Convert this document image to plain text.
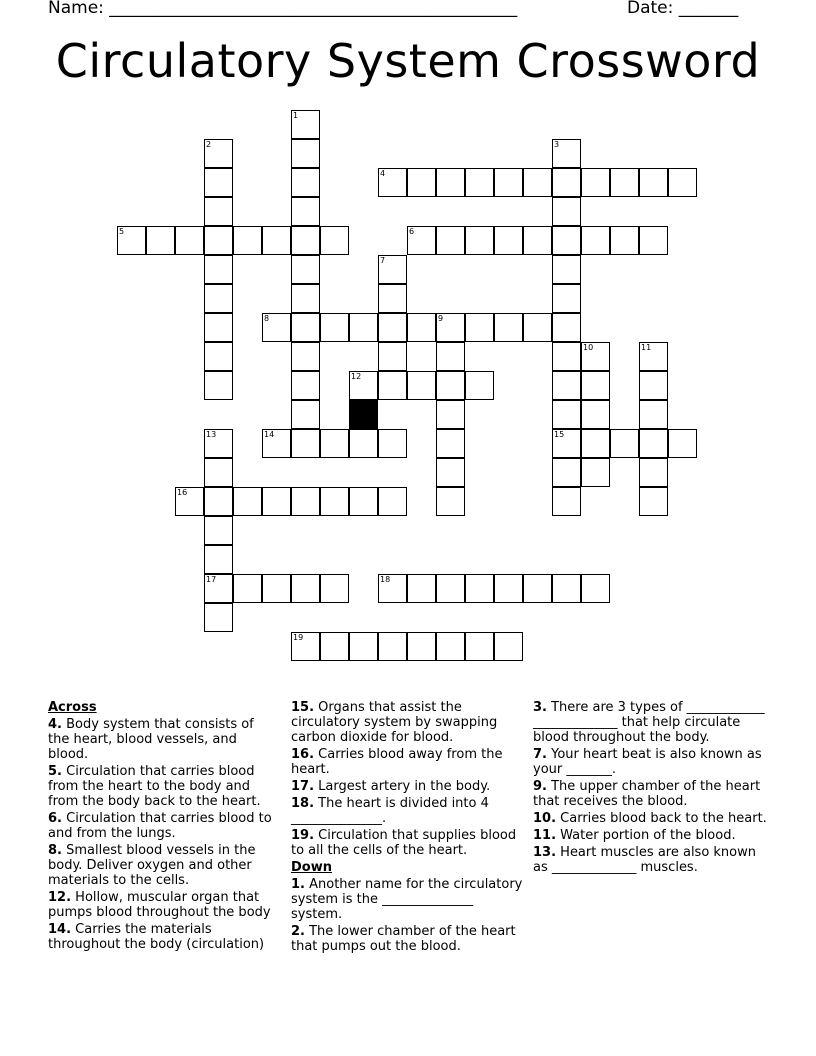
Name: ________________________________________________	Date: _______
Circulatory System Crossword
1
2	3
15
4
5	6
7
8	9
10	11
12
13
17
14
16
18
19
Across
4. Body system that consists of the heart, blood vessels, and blood.
5. Circulation that carries blood from the heart to the body and from the body back to the heart.
6. Circulation that carries blood to and from the lungs.
8. Smallest blood vessels in the body. Deliver oxygen and other materials to the cells.
12. Hollow, muscular organ that pumps blood throughout the body
14. Carries the materials throughout the body (circulation)
15. Organs that assist the circulatory system by swapping carbon dioxide for blood.
16. Carries blood away from the heart.
17. Largest artery in the body.
18. The heart is divided into 4 ______________.
19. Circulation that supplies blood to all the cells of the heart.
Down
1. Another name for the circulatory system is the ______________ system.
2. The lower chamber of the heart that pumps out the blood.
3. There are 3 types of ____________ _____________ that help circulate blood throughout the body.
7. Your heart beat is also known as your _______.
9. The upper chamber of the heart that receives the blood.
10. Carries blood back to the heart.
11. Water portion of the blood.
13. Heart muscles are also known as _____________ muscles.
